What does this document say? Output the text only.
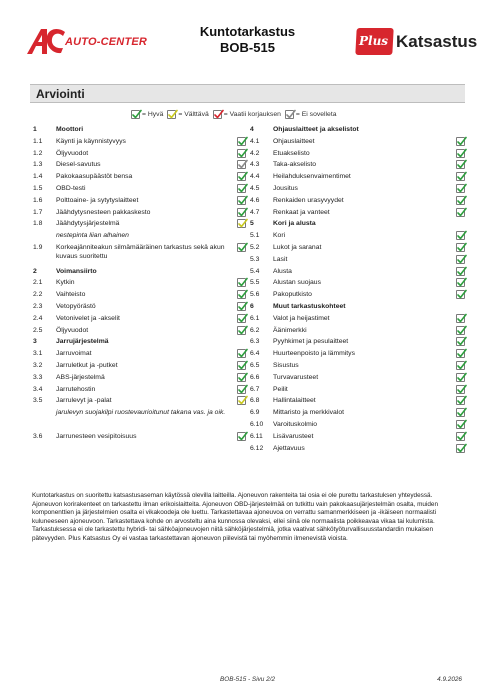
AUTO-CENTER
Kuntotarkastus
BOB-515	Plus Katsastus
Arviointi
= Hyvä = Välttävä = Vaatii korjauksen = Ei sovelleta
1	Moottori
1.1 Käynti ja käynnistyvyys
1.2 Öljyvuodot
1.3 Diesel-savutus
1.4 Pakokaasupäästöt bensa
1.5 OBD-testi
1.6 Polttoaine- ja sytytyslaitteet
1.7 Jäähdytysnesteen pakkaskesto
1.8 Jäähdytysjärjestelmä
nestepinta liian alhainen
1.9 Korkeajänniteakun silmämääräinen tarkastus sekä akun kuvaus suoritettu
2	Voimansiirto
2.1 Kytkin
2.2 Vaihteisto
2.3 Vetopyörästö
2.4 Vetonivelet ja -akselit
2.5 Öljyvuodot
3	Jarrujärjestelmä
3.1 Jarruvoimat
3.2 Jarruletkut ja -putket
3.3 ABS-järjestelmä
3.4 Jarrutehostin
3.5 Jarrulevyt ja -palat
jarulevyn suojakilpi ruostevaurioitunut takana vas. ja oik.
3.6 Jarrunesteen vesipitoisuus
4	Ohjauslaitteet ja akselistot
4.1 Ohjauslaitteet
4.2 Etuakselisto
4.3 Taka-akselisto
4.4 Heilahduksenvaimentimet
4.5 Jousitus
4.6 Renkaiden urasyvyydet
4.7 Renkaat ja vanteet
5	Kori ja alusta
5.1 Kori
5.2 Lukot ja saranat
5.3 Lasit
5.4 Alusta
5.5 Alustan suojaus
5.6 Pakoputkisto
6	Muut tarkastuskohteet
6.1 Valot ja heijastimet
6.2 Äänimerkki
6.3 Pyyhkimet ja pesulaitteet
6.4 Huurteenpoisto ja lämmitys
6.5 Sisustus
6.6 Turvavarusteet
6.7 Peilit
6.8 Hallintalaitteet
6.9 Mittaristo ja merkkivalot
6.10 Varoituskolmio
6.11 Lisävarusteet
6.12 Ajettavuus
Kuntotarkastus on suoritettu katsastusaseman käytössä olevilla laitteilla. Ajoneuvon rakenteita tai osia ei ole purettu tarkastuksen yhteydessä. Ajoneuvon korirakenteet on tarkastettu ilman erikoislaitteita. Ajoneuvon OBD-järjestelmää on tutkittu vain pakokaasujärjestelmän osalta, muiden komponenttien ja järjestelmien osalta ei vikakoodeja ole luettu. Tarkastettavaa ajoneuvoa on verrattu samanmerkkiseen ja -ikäiseen normaalisti kuluneeseen ajoneuvoon. Tarkastettava kohde on arvosteltu aina kunnossa olevaksi, ellei siinä ole normaalista poikkeavaa vikaa tai kulumista. Tarkastuksessa ei ole tarkastettu hybridi- tai sähköajoneuvojen niitä sähköjärjestelmiä, jotka vaativat sähkötyöturvallisuusstandardin mukaisen pätevyyden. Plus Katsastus Oy ei vastaa tarkastettavan ajoneuvon piilevistä tai myöhemmin ilmenevistä vioista.
BOB-515 - Sivu 2/2	4.9.2026
